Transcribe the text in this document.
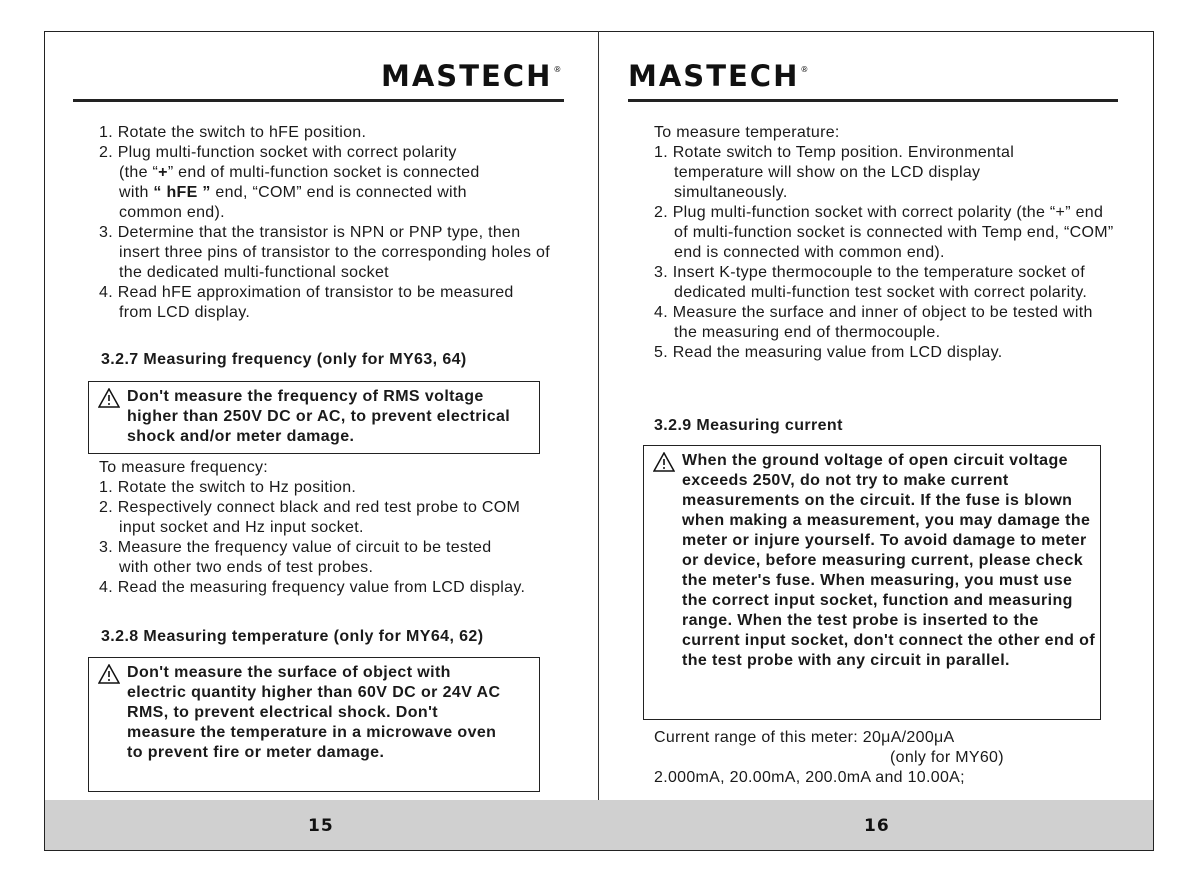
15	16
MASTECH® MASTECH®

1. Rotate the switch to hFE position.

2. Plug multi-function socket with correct polarity
(the “+” end of multi-function socket is connected
with “ hFE ” end, “COM” end is connected with
common end).

3. Determine that the transistor is NPN or PNP type, then insert three pins of transistor to the corresponding holes of the dedicated multi-functional socket

4. Read hFE approximation of transistor to be measured from LCD display.

3.2.7 Measuring frequency (only for MY63, 64)

Don't measure the frequency of RMS voltage higher than 250V DC or AC, to prevent electrical shock and/or meter damage.

To measure frequency:

1. Rotate the switch to Hz position.

2. Respectively connect black and red test probe to COM input socket and Hz input socket.

3. Measure the frequency value of circuit to be tested with other two ends of test probes.

4. Read the measuring frequency value from LCD display.

3.2.8 Measuring temperature (only for MY64, 62)

Don't measure the surface of object with electric quantity higher than 60V DC or 24V AC RMS, to prevent electrical shock. Don't measure the temperature in a microwave oven to prevent fire or meter damage.

To measure temperature:

1. Rotate switch to Temp position. Environmental temperature will show on the LCD display simultaneously.

2. Plug multi-function socket with correct polarity (the “+” end of multi-function socket is connected with Temp end, “COM” end is connected with common end).

3. Insert K-type thermocouple to the temperature socket of dedicated multi-function test socket with correct polarity.

4. Measure the surface and inner of object to be tested with the measuring end of thermocouple.

5. Read the measuring value from LCD display.

3.2.9 Measuring current

When the ground voltage of open circuit voltage exceeds 250V, do not try to make current measurements on the circuit. If the fuse is blown when making a measurement, you may damage the meter or injure yourself. To avoid damage to meter or device, before measuring current, please check the meter's fuse. When measuring, you must use the correct input socket, function and measuring range. When the test probe is inserted to the current input socket, don't connect the other end of the test probe with any circuit in parallel.

Current range of this meter: 20μA/200μA

(only for MY60)

2.000mA, 20.00mA, 200.0mA and 10.00A;
